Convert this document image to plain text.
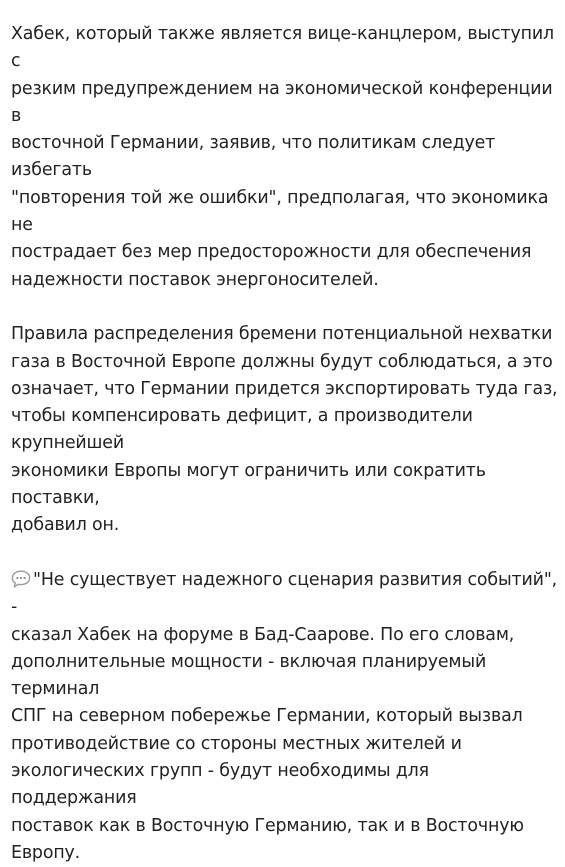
Хабек, который также является вице-канцлером, выступил с
резким предупреждением на экономической конференции в
восточной Германии, заявив, что политикам следует избегать
"повторения той же ошибки", предполагая, что экономика не
пострадает без мер предосторожности для обеспечения
надежности поставок энергоносителей.

Правила распределения бремени потенциальной нехватки
газа в Восточной Европе должны будут соблюдаться, а это
означает, что Германии придется экспортировать туда газ,
чтобы компенсировать дефицит, а производители крупнейшей
экономики Европы могут ограничить или сократить поставки,
добавил он.

"Не существует надежного сценария развития событий", -
сказал Хабек на форуме в Бад-Саарове. По его словам,
дополнительные мощности - включая планируемый терминал
СПГ на северном побережье Германии, который вызвал
противодействие со стороны местных жителей и
экологических групп - будут необходимы для поддержания
поставок как в Восточную Германию, так и в Восточную
Европу.
